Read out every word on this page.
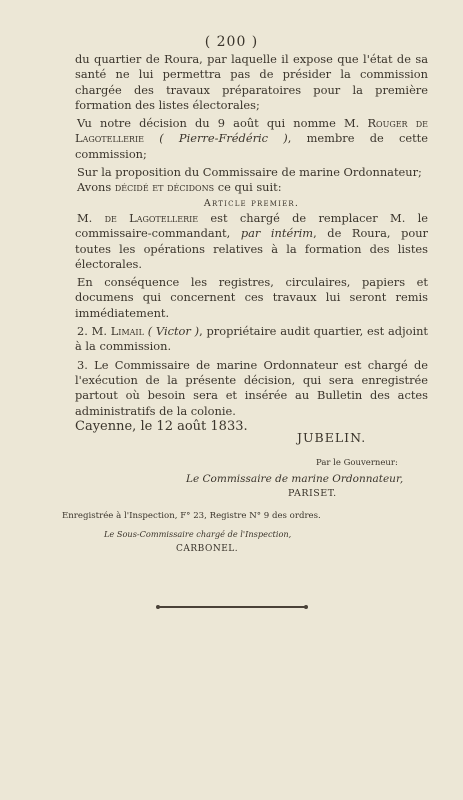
( 200 )

du quartier de Roura, par laquelle il expose que l'état de sa santé ne lui permettra pas de présider la commission chargée des travaux préparatoires pour la première formation des listes électorales;

Vu notre décision du 9 août qui nomme M. Rouger de Lagotellerie ( Pierre-Frédéric ), membre de cette commission;

Sur la proposition du Commissaire de marine Ordonnateur;

Avons décidé et décidons ce qui suit:

Article premier.

M. de Lagotellerie est chargé de remplacer M. le commissaire-commandant, par intérim, de Roura, pour toutes les opérations relatives à la formation des listes électorales.

En conséquence les registres, circulaires, papiers et documens qui concernent ces travaux lui seront remis immédiatement.

2. M. Limail ( Victor ), propriétaire audit quartier, est adjoint à la commission.

3. Le Commissaire de marine Ordonnateur est chargé de l'exécution de la présente décision, qui sera enregistrée partout où besoin sera et insérée au Bulletin des actes administratifs de la colonie.

Cayenne, le 12 août 1833.

JUBELIN.
Par le Gouverneur:
Le Commissaire de marine Ordonnateur,
PARISET.
Enregistrée à l'Inspection, F° 23, Registre N° 9 des ordres.
Le Sous-Commissaire chargé de l'Inspection,
CARBONEL.
